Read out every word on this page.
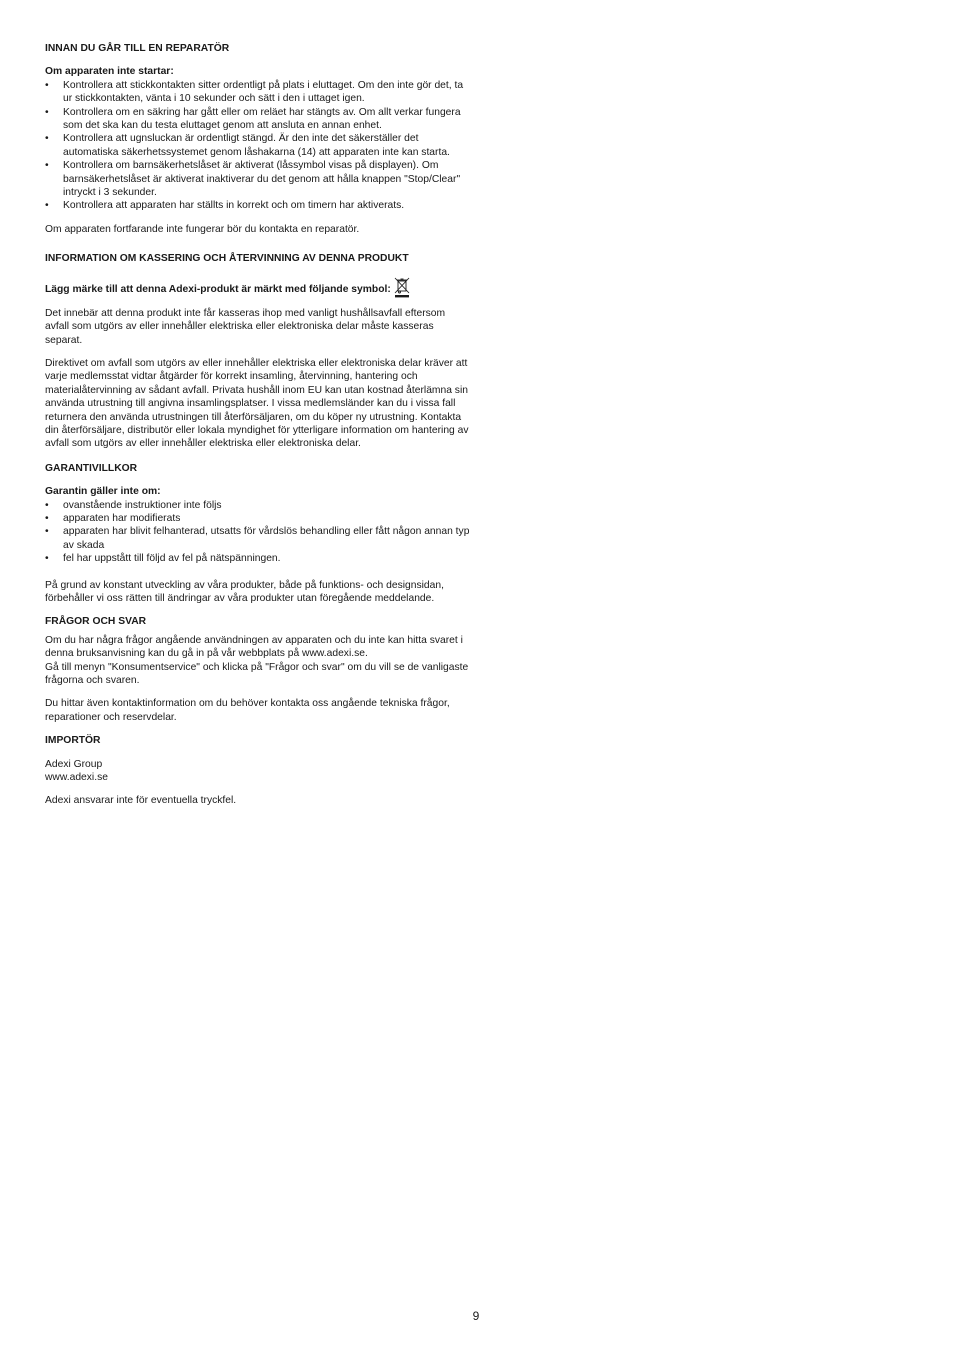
INNAN DU GÅR TILL EN REPARATÖR
Om apparaten inte startar:
• Kontrollera att stickkontakten sitter ordentligt på plats i eluttaget. Om den inte gör det, ta ur stickkontakten, vänta i 10 sekunder och sätt i den i uttaget igen.
• Kontrollera om en säkring har gått eller om reläet har stängts av. Om allt verkar fungera som det ska kan du testa eluttaget genom att ansluta en annan enhet.
• Kontrollera att ugnsluckan är ordentligt stängd. Är den inte det säkerställer det automatiska säkerhetssystemet genom låshakarna (14) att apparaten inte kan starta.
• Kontrollera om barnsäkerhetslåset är aktiverat (låssymbol visas på displayen). Om barnsäkerhetslåset är aktiverat inaktiverar du det genom att hålla knappen "Stop/Clear" intryckt i 3 sekunder.
• Kontrollera att apparaten har ställts in korrekt och om timern har aktiverats.

Om apparaten fortfarande inte fungerar bör du kontakta en reparatör.

INFORMATION OM KASSERING OCH ÅTERVINNING AV DENNA PRODUKT
Lägg märke till att denna Adexi-produkt är märkt med följande symbol:

Det innebär att denna produkt inte får kasseras ihop med vanligt hushållsavfall eftersom avfall som utgörs av eller innehåller elektriska eller elektroniska delar måste kasseras separat.

Direktivet om avfall som utgörs av eller innehåller elektriska eller elektroniska delar kräver att varje medlemsstat vidtar åtgärder för korrekt insamling, återvinning, hantering och materialåtervinning av sådant avfall. Privata hushåll inom EU kan utan kostnad återlämna sin använda utrustning till angivna insamlingsplatser. I vissa medlemsländer kan du i vissa fall returnera den använda utrustningen till återförsäljaren, om du köper ny utrustning. Kontakta din återförsäljare, distributör eller lokala myndighet för ytterligare information om hantering av avfall som utgörs av eller innehåller elektriska eller elektroniska delar.

GARANTIVILLKOR
Garantin gäller inte om:
• ovanstående instruktioner inte följs
• apparaten har modifierats
• apparaten har blivit felhanterad, utsatts för vårdslös behandling eller fått någon annan typ av skada
• fel har uppstått till följd av fel på nätspänningen.

På grund av konstant utveckling av våra produkter, både på funktions- och designsidan, förbehåller vi oss rätten till ändringar av våra produkter utan föregående meddelande.

FRÅGOR OCH SVAR

Om du har några frågor angående användningen av apparaten och du inte kan hitta svaret i denna bruksanvisning kan du gå in på vår webbplats på www.adexi.se.

Gå till menyn "Konsumentservice" och klicka på "Frågor och svar" om du vill se de vanligaste frågorna och svaren.

Du hittar även kontaktinformation om du behöver kontakta oss angående tekniska frågor, reparationer och reservdelar.

IMPORTÖR
Adexi Group
www.adexi.se
Adexi ansvarar inte för eventuella tryckfel.
9
